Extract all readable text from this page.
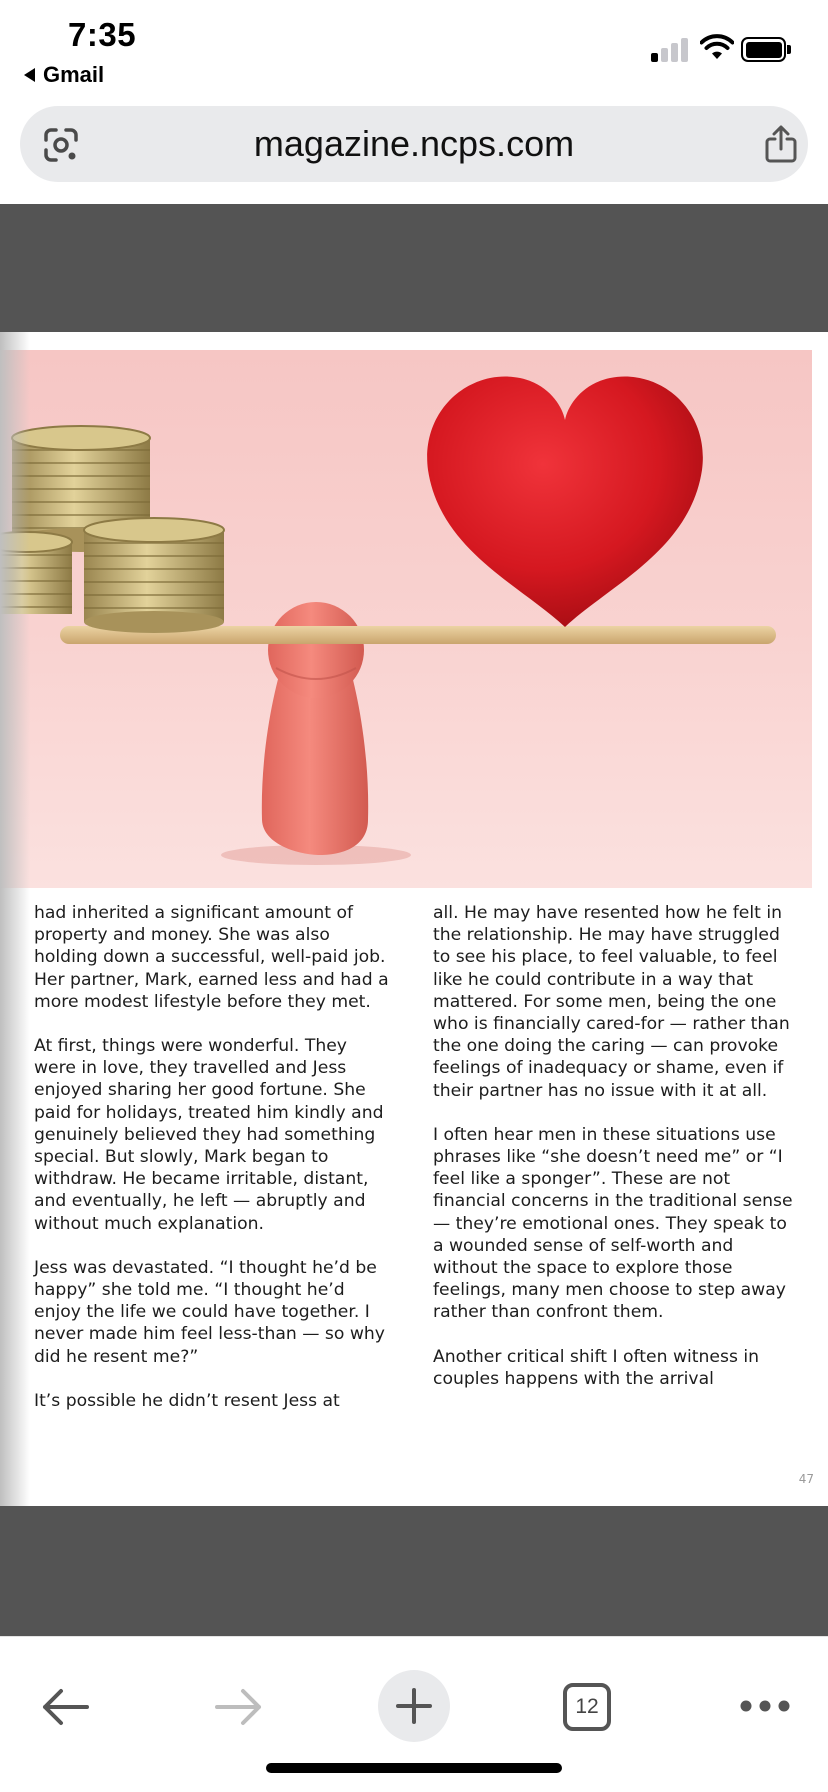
7:35
Gmail
magazine.ncps.com

had inherited a significant amount of property and money. She was also holding down a successful, well-paid job. Her partner, Mark, earned less and had a more modest lifestyle before they met.

At first, things were wonderful. They were in love, they travelled and Jess enjoyed sharing her good fortune. She paid for holidays, treated him kindly and genuinely believed they had something special. But slowly, Mark began to withdraw. He became irritable, distant, and eventually, he left — abruptly and without much explanation.

Jess was devastated. “I thought he’d be happy” she told me. “I thought he’d enjoy the life we could have together. I never made him feel less-than — so why did he resent me?”

It’s possible he didn’t resent Jess at

all. He may have resented how he felt in the relationship. He may have struggled to see his place, to feel valuable, to feel like he could contribute in a way that mattered. For some men, being the one who is financially cared-for — rather than the one doing the caring — can provoke feelings of inadequacy or shame, even if their partner has no issue with it at all.

I often hear men in these situations use phrases like “she doesn’t need me” or “I feel like a sponger”. These are not financial concerns in the traditional sense — they’re emotional ones. They speak to a wounded sense of self-worth and without the space to explore those feelings, many men choose to step away rather than confront them.

Another critical shift I often witness in couples happens with the arrival

47
12
